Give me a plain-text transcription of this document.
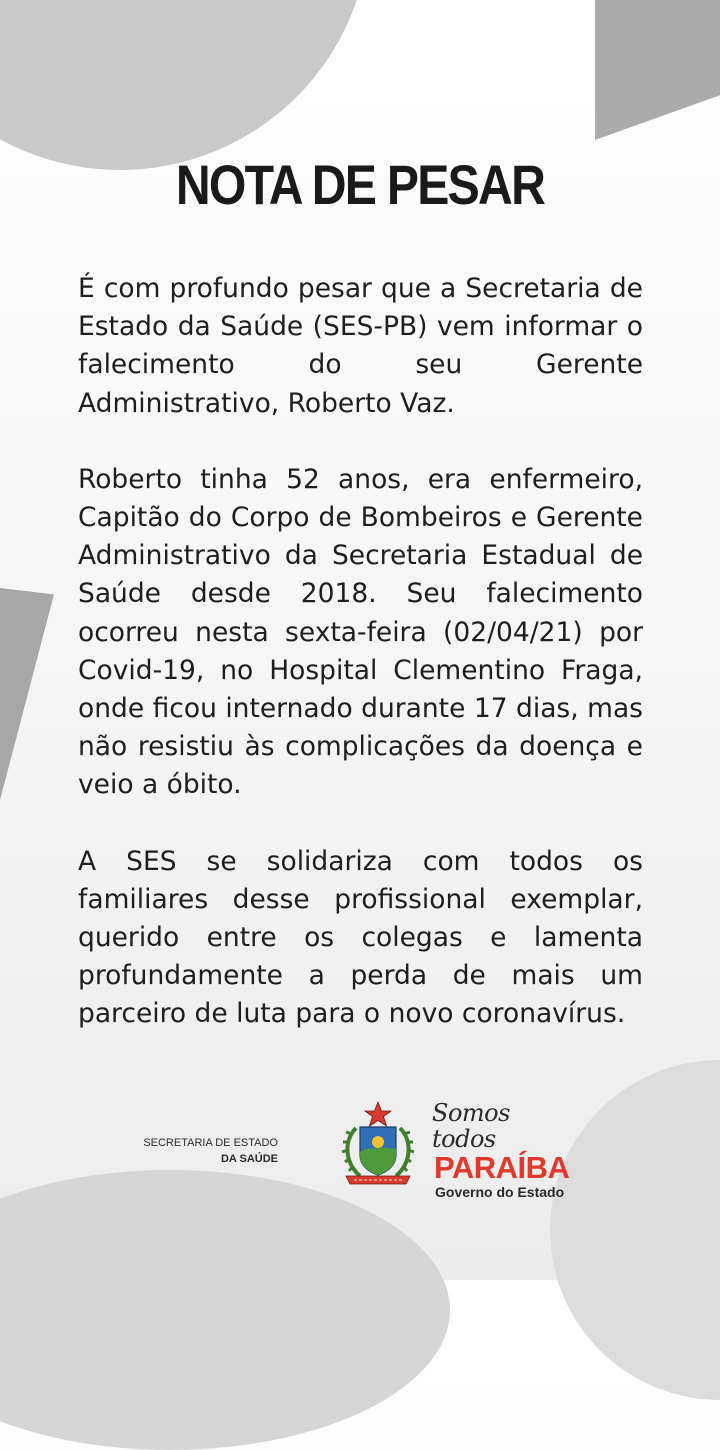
NOTA DE PESAR

É com profundo pesar que a Secretaria de Estado da Saúde (SES-PB) vem informar o falecimento do seu Gerente Administrativo, Roberto Vaz.

Roberto tinha 52 anos, era enfermeiro, Capitão do Corpo de Bombeiros e Gerente Administrativo da Secretaria Estadual de Saúde desde 2018. Seu falecimento ocorreu nesta sexta-feira (02/04/21) por Covid-19, no Hospital Clementino Fraga, onde ficou internado durante 17 dias, mas não resistiu às complicações da doença e veio a óbito.

A SES se solidariza com todos os familiares desse profissional exemplar, querido entre os colegas e lamenta profundamente a perda de mais um parceiro de luta para o novo coronavírus.

SECRETARIA DE ESTADO
DA SAÚDE
Somos todos
PARAÍBA
Governo do Estado
